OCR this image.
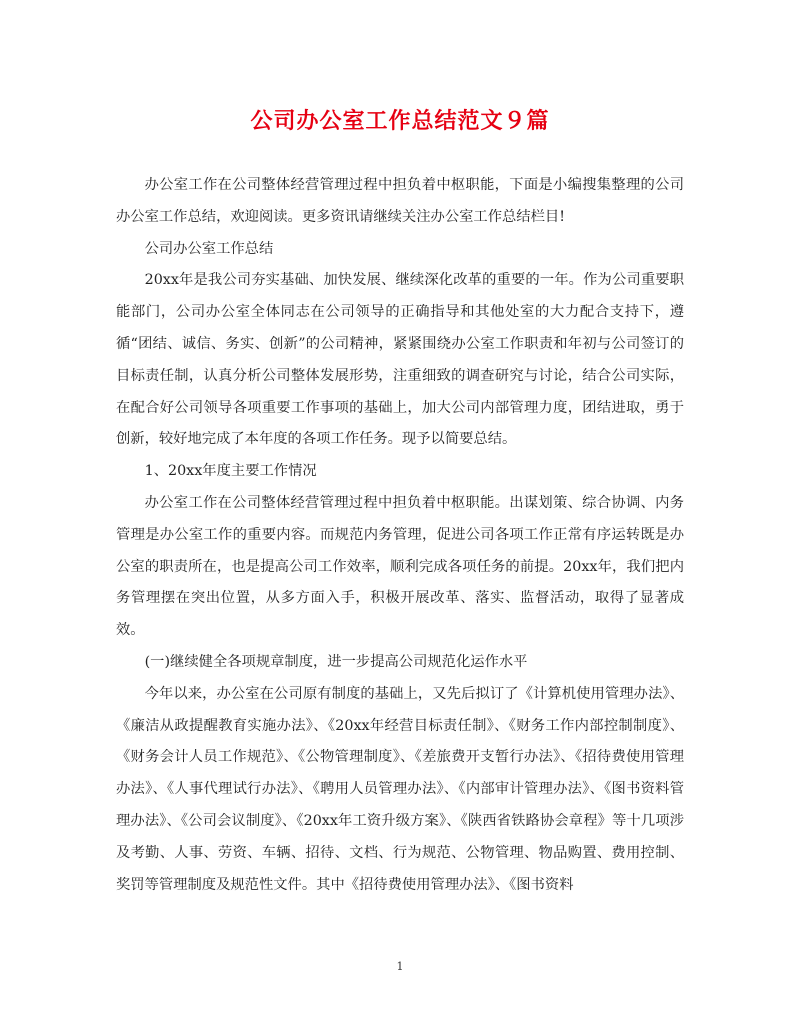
公司办公室工作总结范文９篇

办公室工作在公司整体经营管理过程中担负着中枢职能，下面是小编搜集整理的公司办公室工作总结，欢迎阅读。更多资讯请继续关注办公室工作总结栏目!

公司办公室工作总结

20xx年是我公司夯实基础、加快发展、继续深化改革的重要的一年。作为公司重要职能部门，公司办公室全体同志在公司领导的正确指导和其他处室的大力配合支持下，遵循“团结、诚信、务实、创新”的公司精神，紧紧围绕办公室工作职责和年初与公司签订的目标责任制，认真分析公司整体发展形势，注重细致的调查研究与讨论，结合公司实际，在配合好公司领导各项重要工作事项的基础上，加大公司内部管理力度，团结进取，勇于创新，较好地完成了本年度的各项工作任务。现予以简要总结。

1、20xx年度主要工作情况

办公室工作在公司整体经营管理过程中担负着中枢职能。出谋划策、综合协调、内务管理是办公室工作的重要内容。而规范内务管理，促进公司各项工作正常有序运转既是办公室的职责所在，也是提高公司工作效率，顺利完成各项任务的前提。20xx年，我们把内务管理摆在突出位置，从多方面入手，积极开展改革、落实、监督活动，取得了显著成效。

(一)继续健全各项规章制度，进一步提高公司规范化运作水平

今年以来，办公室在公司原有制度的基础上，又先后拟订了《计算机使用管理办法》、《廉洁从政提醒教育实施办法》、《20xx年经营目标责任制》、《财务工作内部控制制度》、《财务会计人员工作规范》、《公物管理制度》、《差旅费开支暂行办法》、《招待费使用管理办法》、《人事代理试行办法》、《聘用人员管理办法》、《内部审计管理办法》、《图书资料管理办法》、《公司会议制度》、《20xx年工资升级方案》、《陕西省铁路协会章程》等十几项涉及考勤、人事、劳资、车辆、招待、文档、行为规范、公物管理、物品购置、费用控制、奖罚等管理制度及规范性文件。其中《招待费使用管理办法》、《图书资料

1
